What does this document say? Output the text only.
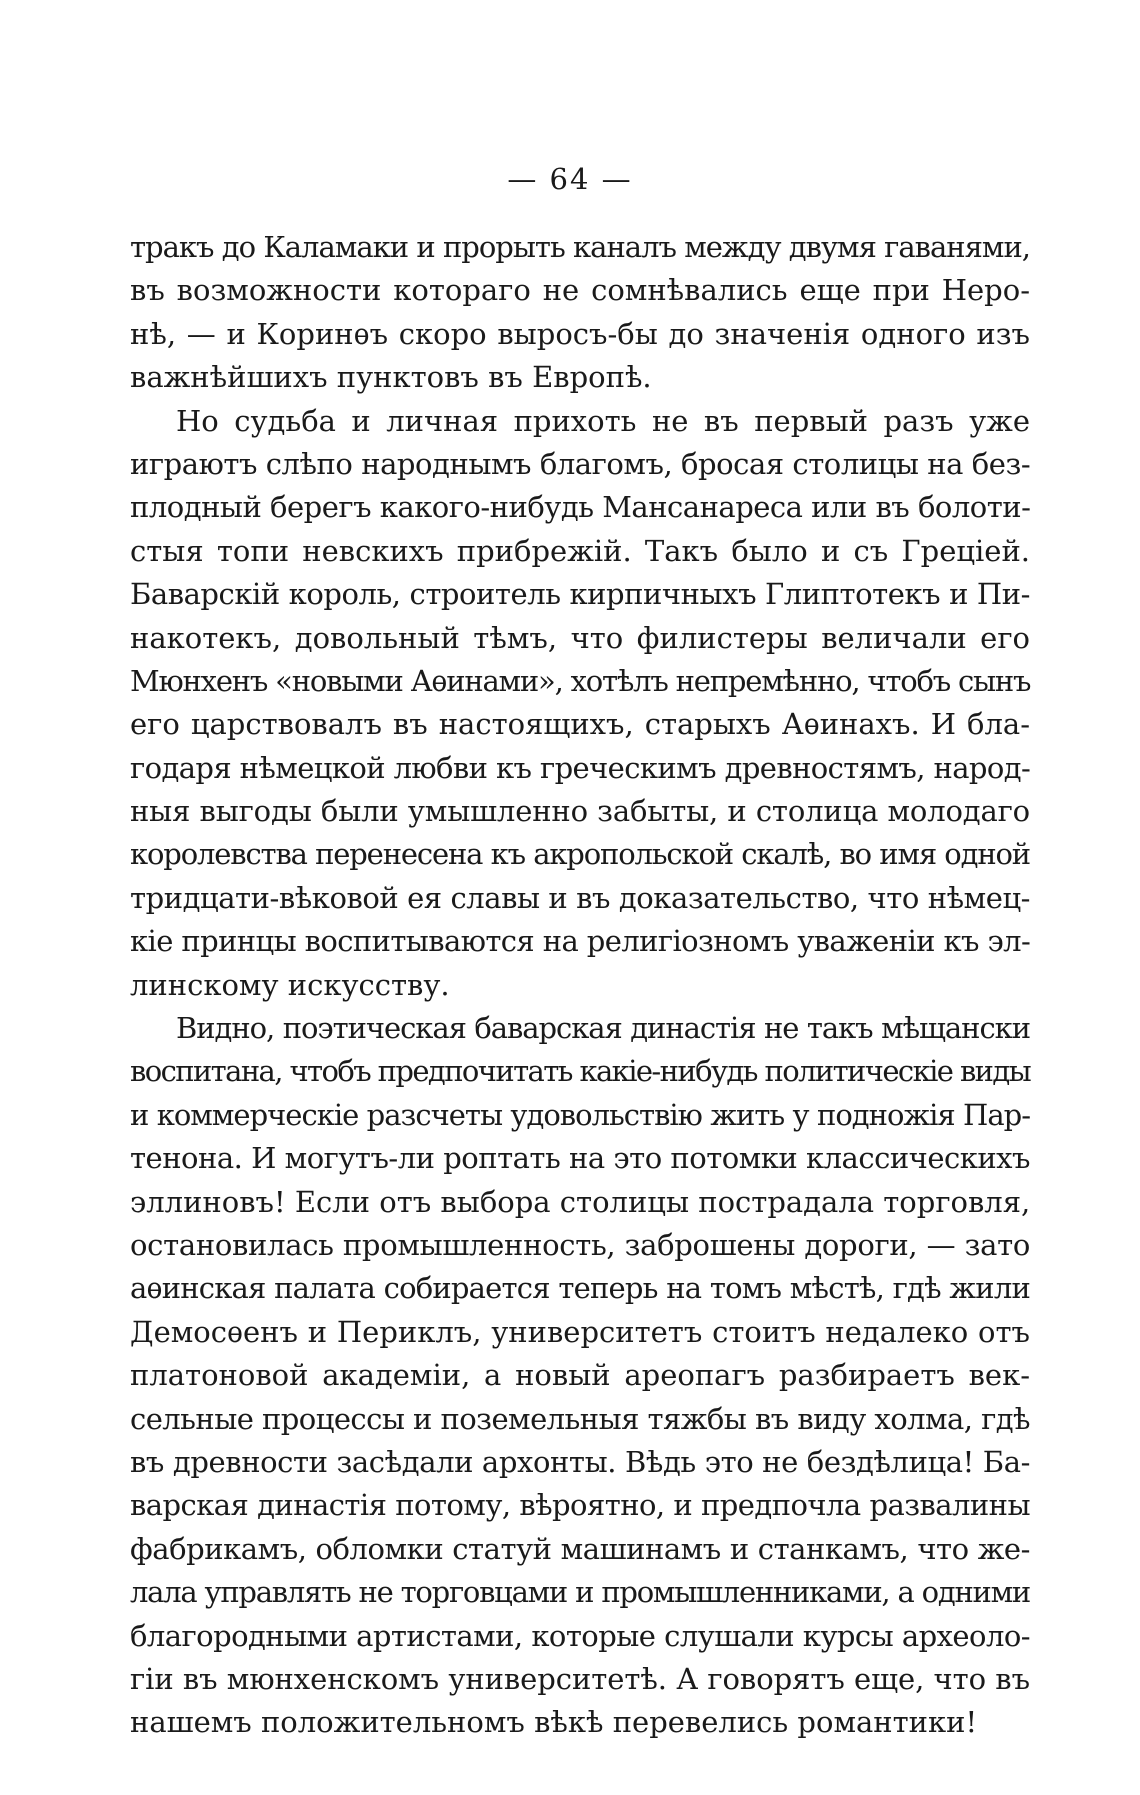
— 64 —
тракъ до Каламаки и прорыть каналъ между двумя гаванями,
въ возможности котораго не сомнѣвались еще при Неро-
нѣ, — и Коринѳъ скоро выросъ-бы до значенія одного изъ
важнѣйшихъ пунктовъ въ Европѣ.
Но судьба и личная прихоть не въ первый разъ уже
играютъ слѣпо народнымъ благомъ, бросая столицы на без-
плодный берегъ какого-нибудь Мансанареса или въ болоти-
стыя топи невскихъ прибрежій. Такъ было и съ Греціей.
Баварскій король, строитель кирпичныхъ Глиптотекъ и Пи-
накотекъ, довольный тѣмъ, что филистеры величали его
Мюнхенъ «новыми Аѳинами», хотѣлъ непремѣнно, чтобъ сынъ
его царствовалъ въ настоящихъ, старыхъ Аѳинахъ. И бла-
годаря нѣмецкой любви къ греческимъ древностямъ, народ-
ныя выгоды были умышленно забыты, и столица молодаго
королевства перенесена къ акропольской скалѣ, во имя одной
тридцати-вѣковой ея славы и въ доказательство, что нѣмец-
кіе принцы воспитываются на религіозномъ уваженіи къ эл-
линскому искусству.
Видно, поэтическая баварская династія не такъ мѣщански
воспитана, чтобъ предпочитать какіе-нибудь политическіе виды
и коммерческіе разсчеты удовольствію жить у подножія Пар-
тенона. И могутъ-ли роптать на это потомки классическихъ
эллиновъ! Если отъ выбора столицы пострадала торговля,
остановилась промышленность, заброшены дороги, — зато
аѳинская палата собирается теперь на томъ мѣстѣ, гдѣ жили
Демосѳенъ и Периклъ, университетъ стоитъ недалеко отъ
платоновой академіи, а новый ареопагъ разбираетъ век-
сельные процессы и поземельныя тяжбы въ виду холма, гдѣ
въ древности засѣдали архонты. Вѣдь это не бездѣлица! Ба-
варская династія потому, вѣроятно, и предпочла развалины
фабрикамъ, обломки статуй машинамъ и станкамъ, что же-
лала управлять не торговцами и промышленниками, а одними
благородными артистами, которые слушали курсы археоло-
гіи въ мюнхенскомъ университетѣ. А говорятъ еще, что въ
нашемъ положительномъ вѣкѣ перевелись романтики!
